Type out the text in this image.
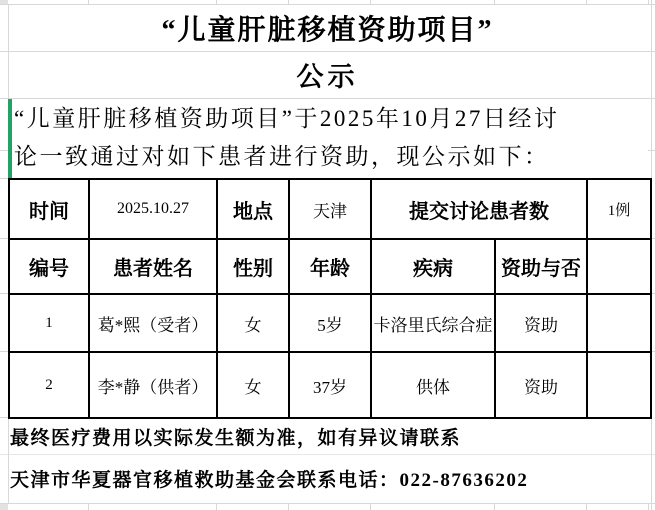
“儿童肝脏移植资助项目”
公示
“儿童肝脏移植资助项目”于2025年10月27日经讨
论一致通过对如下患者进行资助，现公示如下：
时间	2025.10.27	地点	天津	提交讨论患者数		1例
编号	患者姓名	性别	年龄	疾病	资助与否	
1	葛*熙（受者）	女	5岁	卡洛里氏综合症	资助	
2	李*静（供者）	女	37岁	供体	资助	
最终医疗费用以实际发生额为准，如有异议请联系
天津市华夏器官移植救助基金会联系电话：022-87636202
